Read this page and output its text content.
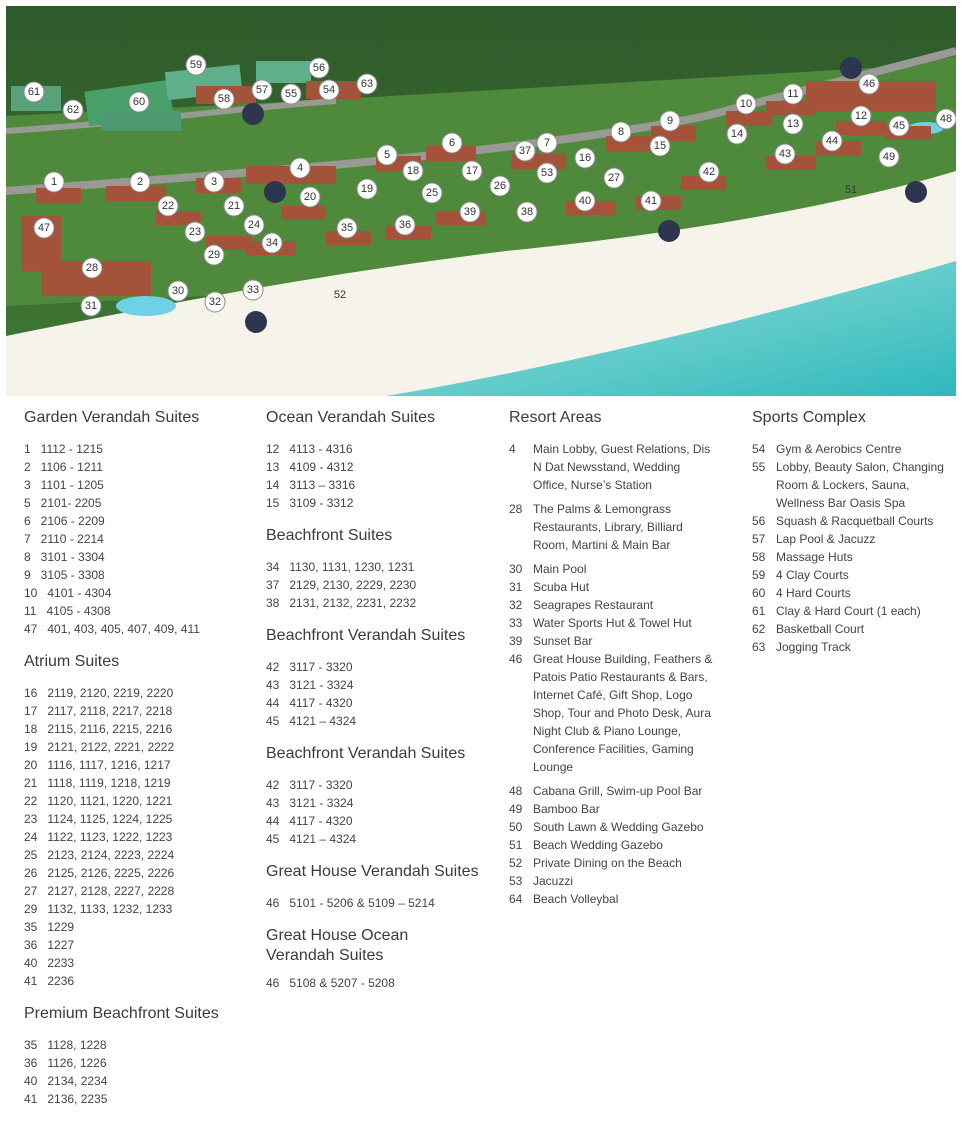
1	2	3
4
5
6	7
8
9
10
11
12
13
14
15
16
17
18
19
20
21
22
23
24
25
26
27
28
29
30
31	32
33
34
35	36
37
38
39
40	41
42
43
44
45
47
48
49
53
54
55
56
57
58
59
60
61
62
63	46
51
52
Garden Verandah Suites
1   1112 - 1215
2   1106 - 1211
3   1101 - 1205
5   2101- 2205
6   2106 - 2209
7   2110 - 2214
8   3101 - 3304
9   3105 - 3308
10   4101 - 4304
11   4105 - 4308
47   401, 403, 405, 407, 409, 411
Atrium Suites
16   2119, 2120, 2219, 2220
17   2117, 2118, 2217, 2218
18   2115, 2116, 2215, 2216
19   2121, 2122, 2221, 2222
20   1116, 1117, 1216, 1217
21   1118, 1119, 1218, 1219
22   1120, 1121, 1220, 1221
23   1124, 1125, 1224, 1225
24   1122, 1123, 1222, 1223
25   2123, 2124, 2223, 2224
26   2125, 2126, 2225, 2226
27   2127, 2128, 2227, 2228
29   1132, 1133, 1232, 1233
35   1229
36   1227
40   2233
41   2236
Premium Beachfront Suites
35   1128, 1228
36   1126, 1226
40   2134, 2234
41   2136, 2235
Ocean Verandah Suites
12   4113 - 4316
13   4109 - 4312
14   3113 – 3316
15   3109 - 3312
Beachfront Suites
34   1130, 1131, 1230, 1231
37   2129, 2130, 2229, 2230
38   2131, 2132, 2231, 2232
Beachfront Verandah Suites
42   3117 - 3320
43   3121 - 3324
44   4117 - 4320
45   4121 – 4324
Beachfront Verandah Suites
42   3117 - 3320
43   3121 - 3324
44   4117 - 4320
45   4121 – 4324
Great House Verandah Suites
46   5101 - 5206 & 5109 – 5214
Great House Ocean Verandah Suites
46   5108 & 5207 - 5208
Resort Areas
4	Main Lobby, Guest Relations, Dis N Dat Newsstand, Wedding Office, Nurse’s Station
28 The Palms & Lemongrass Restaurants, Library, Billiard Room, Martini & Main Bar
30 Main Pool
31 Scuba Hut
32 Seagrapes Restaurant
33 Water Sports Hut & Towel Hut
39 Sunset Bar
46 Great House Building, Feathers & Patois Patio Restaurants & Bars, Internet Café, Gift Shop, Logo Shop, Tour and Photo Desk, Aura Night Club & Piano Lounge, Conference Facilities, Gaming Lounge
48 Cabana Grill, Swim-up Pool Bar
49 Bamboo Bar
50 South Lawn & Wedding Gazebo
51 Beach Wedding Gazebo
52 Private Dining on the Beach
53 Jacuzzi
64 Beach Volleybal
Sports Complex
54 Gym & Aerobics Centre
55 Lobby, Beauty Salon, Changing Room & Lockers, Sauna, Wellness Bar Oasis Spa
56 Squash & Racquetball Courts
57 Lap Pool & Jacuzz
58 Massage Huts
59 4 Clay Courts
60 4 Hard Courts
61 Clay & Hard Court (1 each)
62 Basketball Court
63 Jogging Track
